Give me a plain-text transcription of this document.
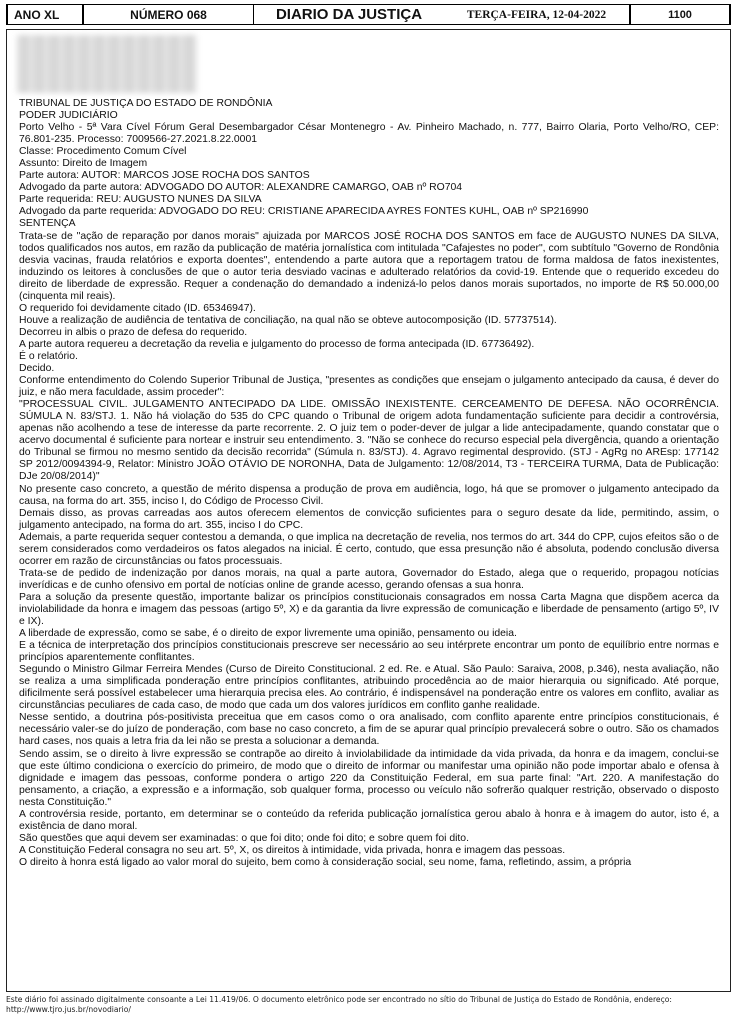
ANO XL	NÚMERO 068	DIARIO DA JUSTIÇA	TERÇA-FEIRA, 12-04-2022	1100

TRIBUNAL DE JUSTIÇA DO ESTADO DE RONDÔNIA

PODER JUDICIÁRIO

Porto Velho - 5ª Vara Cível Fórum Geral Desembargador César Montenegro - Av. Pinheiro Machado, n. 777, Bairro Olaria, Porto Velho/RO, CEP: 76.801-235. Processo: 7009566-27.2021.8.22.0001

Classe: Procedimento Comum Cível

Assunto: Direito de Imagem

Parte autora: AUTOR: MARCOS JOSE ROCHA DOS SANTOS

Advogado da parte autora: ADVOGADO DO AUTOR: ALEXANDRE CAMARGO, OAB nº RO704

Parte requerida: REU: AUGUSTO NUNES DA SILVA

Advogado da parte requerida: ADVOGADO DO REU: CRISTIANE APARECIDA AYRES FONTES KUHL, OAB nº SP216990

SENTENÇA

Trata-se de "ação de reparação por danos morais" ajuizada por MARCOS JOSÉ ROCHA DOS SANTOS em face de AUGUSTO NUNES DA SILVA, todos qualificados nos autos, em razão da publicação de matéria jornalística com intitulada "Cafajestes no poder", com subtítulo "Governo de Rondônia desvia vacinas, frauda relatórios e exporta doentes", entendendo a parte autora que a reportagem tratou de forma maldosa de fatos inexistentes, induzindo os leitores à conclusões de que o autor teria desviado vacinas e adulterado relatórios da covid-19. Entende que o requerido excedeu do direito de liberdade de expressão. Requer a condenação do demandado a indenizá-lo pelos danos morais suportados, no importe de R$ 50.000,00 (cinquenta mil reais).

O requerido foi devidamente citado (ID. 65346947).

Houve a realização de audiência de tentativa de conciliação, na qual não se obteve autocomposição (ID. 57737514).

Decorreu in albis o prazo de defesa do requerido.

A parte autora requereu a decretação da revelia e julgamento do processo de forma antecipada (ID. 67736492).

É o relatório.

Decido.

Conforme entendimento do Colendo Superior Tribunal de Justiça, "presentes as condições que ensejam o julgamento antecipado da causa, é dever do juiz, e não mera faculdade, assim proceder":

"PROCESSUAL CIVIL. JULGAMENTO ANTECIPADO DA LIDE. OMISSÃO INEXISTENTE. CERCEAMENTO DE DEFESA. NÃO OCORRÊNCIA. SÚMULA N. 83/STJ. 1. Não há violação do 535 do CPC quando o Tribunal de origem adota fundamentação suficiente para decidir a controvérsia, apenas não acolhendo a tese de interesse da parte recorrente. 2. O juiz tem o poder-dever de julgar a lide antecipadamente, quando constatar que o acervo documental é suficiente para nortear e instruir seu entendimento. 3. "Não se conhece do recurso especial pela divergência, quando a orientação do Tribunal se firmou no mesmo sentido da decisão recorrida" (Súmula n. 83/STJ). 4. Agravo regimental desprovido. (STJ - AgRg no AREsp: 177142 SP 2012/0094394-9, Relator: Ministro JOÃO OTÁVIO DE NORONHA, Data de Julgamento: 12/08/2014, T3 - TERCEIRA TURMA, Data de Publicação: DJe 20/08/2014)"

No presente caso concreto, a questão de mérito dispensa a produção de prova em audiência, logo, há que se promover o julgamento antecipado da causa, na forma do art. 355, inciso I, do Código de Processo Civil.

Demais disso, as provas carreadas aos autos oferecem elementos de convicção suficientes para o seguro desate da lide, permitindo, assim, o julgamento antecipado, na forma do art. 355, inciso I do CPC.

Ademais, a parte requerida sequer contestou a demanda, o que implica na decretação de revelia, nos termos do art. 344 do CPP, cujos efeitos são o de serem considerados como verdadeiros os fatos alegados na inicial. É certo, contudo, que essa presunção não é absoluta, podendo conclusão diversa ocorrer em razão de circunstâncias ou fatos processuais.

Trata-se de pedido de indenização por danos morais, na qual a parte autora, Governador do Estado, alega que o requerido, propagou notícias inverídicas e de cunho ofensivo em portal de notícias online de grande acesso, gerando ofensas a sua honra.

Para a solução da presente questão, importante balizar os princípios constitucionais consagrados em nossa Carta Magna que dispõem acerca da inviolabilidade da honra e imagem das pessoas (artigo 5º, X) e da garantia da livre expressão de comunicação e liberdade de pensamento (artigo 5º, IV e IX).

A liberdade de expressão, como se sabe, é o direito de expor livremente uma opinião, pensamento ou ideia.

E a técnica de interpretação dos princípios constitucionais prescreve ser necessário ao seu intérprete encontrar um ponto de equilíbrio entre normas e princípios aparentemente conflitantes.

Segundo o Ministro Gilmar Ferreira Mendes (Curso de Direito Constitucional. 2 ed. Re. e Atual. São Paulo: Saraiva, 2008, p.346), nesta avaliação, não se realiza a uma simplificada ponderação entre princípios conflitantes, atribuindo procedência ao de maior hierarquia ou significado. Até porque, dificilmente será possível estabelecer uma hierarquia precisa eles. Ao contrário, é indispensável na ponderação entre os valores em conflito, avaliar as circunstâncias peculiares de cada caso, de modo que cada um dos valores jurídicos em conflito ganhe realidade.

Nesse sentido, a doutrina pós-positivista preceitua que em casos como o ora analisado, com conflito aparente entre princípios constitucionais, é necessário valer-se do juízo de ponderação, com base no caso concreto, a fim de se apurar qual princípio prevalecerá sobre o outro. São os chamados hard cases, nos quais a letra fria da lei não se presta a solucionar a demanda.

Sendo assim, se o direito à livre expressão se contrapõe ao direito à inviolabilidade da intimidade da vida privada, da honra e da imagem, conclui-se que este último condiciona o exercício do primeiro, de modo que o direito de informar ou manifestar uma opinião não pode importar abalo e ofensa à dignidade e imagem das pessoas, conforme pondera o artigo 220 da Constituição Federal, em sua parte final: "Art. 220. A manifestação do pensamento, a criação, a expressão e a informação, sob qualquer forma, processo ou veículo não sofrerão qualquer restrição, observado o disposto nesta Constituição."

A controvérsia reside, portanto, em determinar se o conteúdo da referida publicação jornalística gerou abalo à honra e à imagem do autor, isto é, a existência de dano moral.

São questões que aqui devem ser examinadas: o que foi dito; onde foi dito; e sobre quem foi dito.

A Constituição Federal consagra no seu art. 5º, X, os direitos à intimidade, vida privada, honra e imagem das pessoas.

O direito à honra está ligado ao valor moral do sujeito, bem como à consideração social, seu nome, fama, refletindo, assim, a própria

Este diário foi assinado digitalmente consoante a Lei 11.419/06. O documento eletrônico pode ser encontrado no sítio do Tribunal de Justiça do Estado de Rondônia, endereço: http://www.tjro.jus.br/novodiario/
